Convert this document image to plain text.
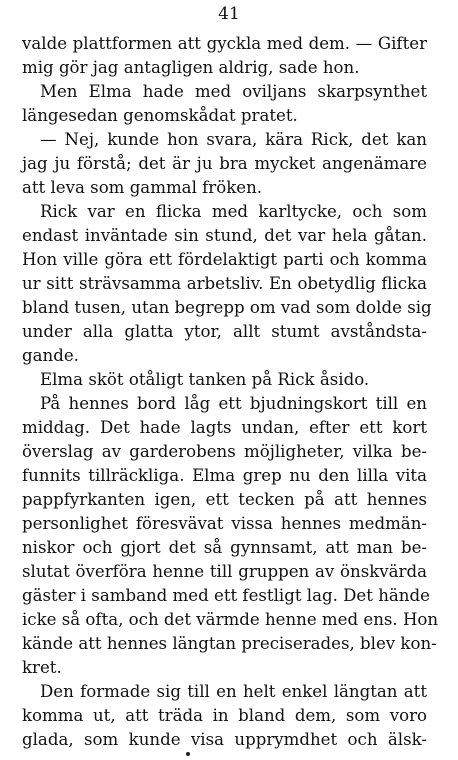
41
valde plattformen att gyckla med dem. — Gifter
mig gör jag antagligen aldrig, sade hon.
Men Elma hade med oviljans skarpsynthet
längesedan genomskådat pratet.
— Nej, kunde hon svara, kära Rick, det kan
jag ju förstå; det är ju bra mycket angenämare
att leva som gammal fröken.
Rick var en flicka med karltycke, och som
endast inväntade sin stund, det var hela gåtan.
Hon ville göra ett fördelaktigt parti och komma
ur sitt strävsamma arbetsliv. En obetydlig flicka
bland tusen, utan begrepp om vad som dolde sig
under alla glatta ytor, allt stumt avståndsta-
gande.
Elma sköt otåligt tanken på Rick åsido.
På hennes bord låg ett bjudningskort till en
middag. Det hade lagts undan, efter ett kort
överslag av garderobens möjligheter, vilka be-
funnits tillräckliga. Elma grep nu den lilla vita
pappfyrkanten igen, ett tecken på att hennes
personlighet föresvävat vissa hennes medmän-
niskor och gjort det så gynnsamt, att man be-
slutat överföra henne till gruppen av önskvärda
gäster i samband med ett festligt lag. Det hände
icke så ofta, och det värmde henne med ens. Hon
kände att hennes längtan preciserades, blev kon-
kret.
Den formade sig till en helt enkel längtan att
komma ut, att träda in bland dem, som voro
glada, som kunde visa upprymdhet och älsk-
